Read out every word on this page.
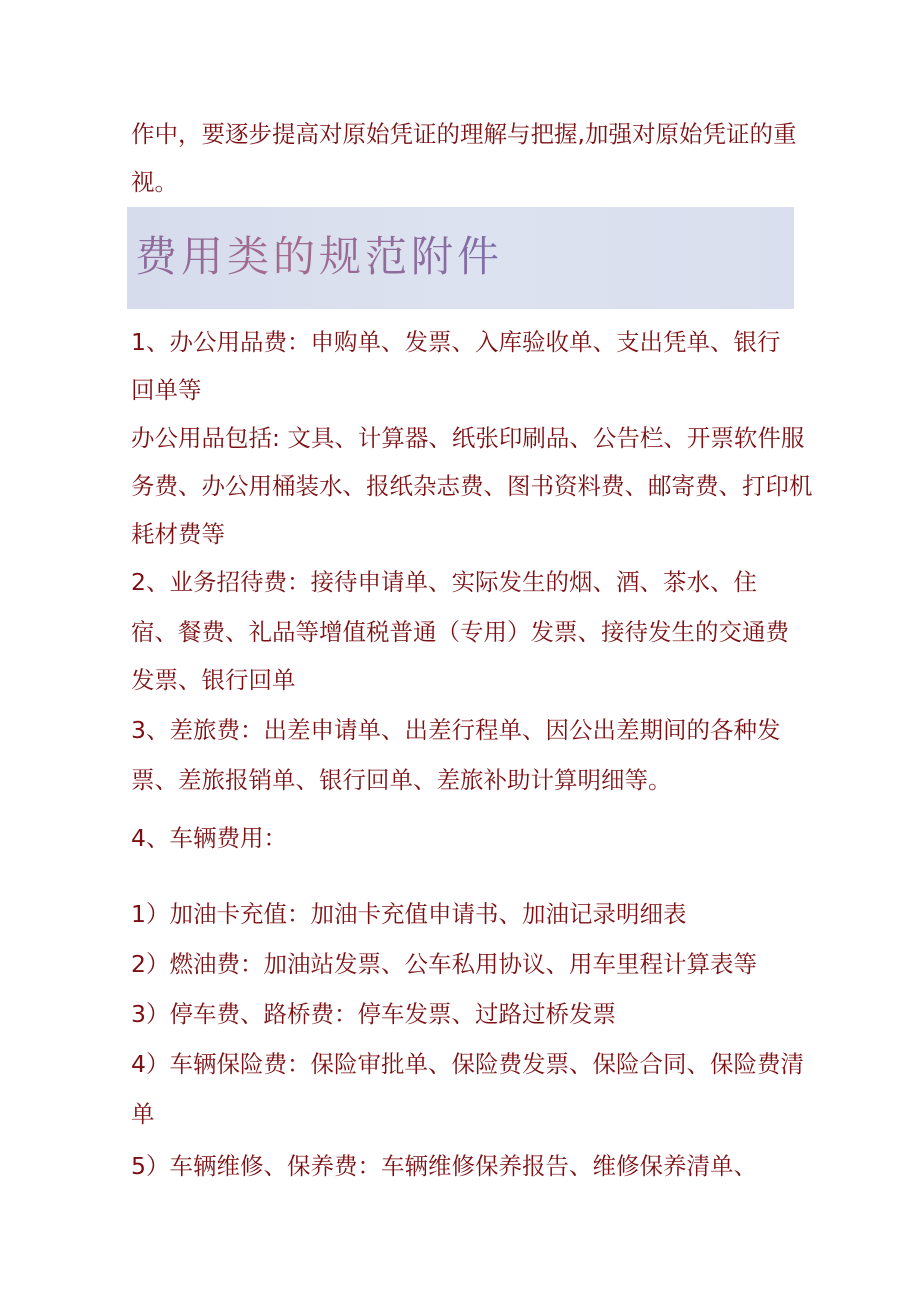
作中，要逐步提高对原始凭证的理解与把握,加强对原始凭证的重
视。
费用类的规范附件
1、办公用品费：申购单、发票、入库验收单、支出凭单、银行
回单等
办公用品包括: 文具、计算器、纸张印刷品、公告栏、开票软件服
务费、办公用桶装水、报纸杂志费、图书资料费、邮寄费、打印机
耗材费等
2、业务招待费：接待申请单、实际发生的烟、酒、茶水、住
宿、餐费、礼品等增值税普通（专用）发票、接待发生的交通费
发票、银行回单
3、差旅费：出差申请单、出差行程单、因公出差期间的各种发
票、差旅报销单、银行回单、差旅补助计算明细等。
4、车辆费用：
1）加油卡充值：加油卡充值申请书、加油记录明细表
2）燃油费：加油站发票、公车私用协议、用车里程计算表等
3）停车费、路桥费：停车发票、过路过桥发票
4）车辆保险费：保险审批单、保险费发票、保险合同、保险费清
单
5）车辆维修、保养费：车辆维修保养报告、维修保养清单、
